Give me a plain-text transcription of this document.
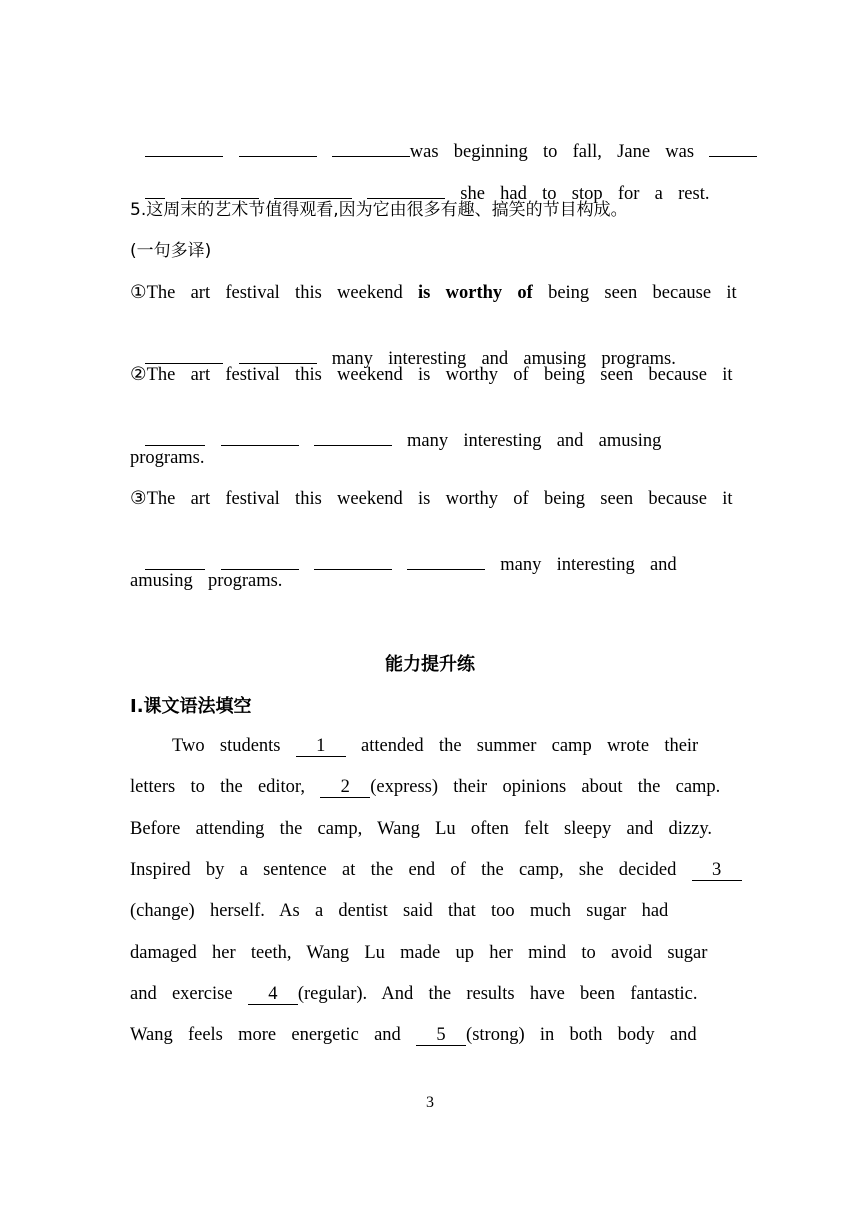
was  beginning  to  fall,  Jane  was

she  had  to  stop  for  a  rest.

5.这周末的艺术节值得观看,因为它由很多有趣、搞笑的节目构成。
(一句多译)
①The  art  festival  this  weekend  is  worthy  of  being  seen  because  it

many  interesting  and  amusing  programs.

②The  art  festival  this  weekend  is  worthy  of  being  seen  because  it

many  interesting  and  amusing

programs.
③The  art  festival  this  weekend  is  worthy  of  being  seen  because  it

many  interesting  and

amusing  programs.
能力提升练
Ⅰ.课文语法填空
Two  students 1 attended  the  summer  camp  wrote  their
letters  to  the  editor, 2 (express)  their  opinions  about  the  camp.
Before  attending  the  camp,  Wang  Lu  often  felt  sleepy  and  dizzy.
Inspired  by  a  sentence  at  the  end  of  the  camp,  she  decided 3
(change)  herself.  As  a  dentist  said  that  too  much  sugar  had
damaged  her  teeth,  Wang  Lu  made  up  her  mind  to  avoid  sugar
and  exercise 4 (regular).  And  the  results  have  been  fantastic.
Wang  feels  more  energetic  and 5 (strong)  in  both  body  and
3
